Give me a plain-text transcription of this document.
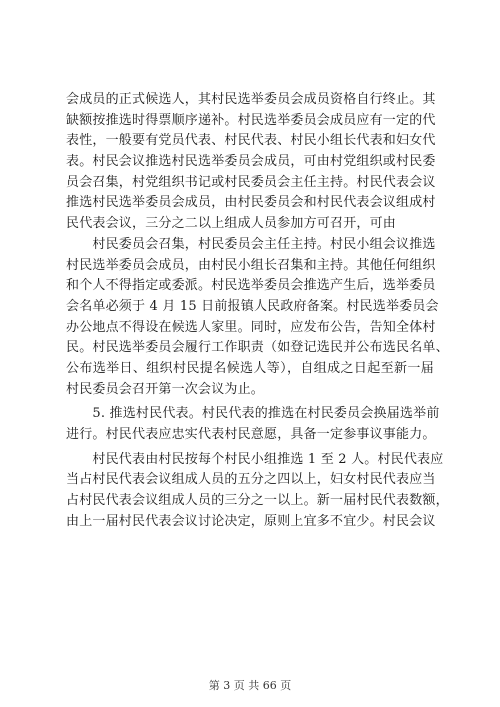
会成员的正式候选人，其村民选举委员会成员资格自行终止。其
缺额按推选时得票顺序递补。村民选举委员会成员应有一定的代
表性，一般要有党员代表、村民代表、村民小组长代表和妇女代
表。村民会议推选村民选举委员会成员，可由村党组织或村民委
员会召集，村党组织书记或村民委员会主任主持。村民代表会议
推选村民选举委员会成员，由村民委员会和村民代表会议组成村
民代表会议，三分之二以上组成人员参加方可召开，可由
　　村民委员会召集，村民委员会主任主持。村民小组会议推选
村民选举委员会成员，由村民小组长召集和主持。其他任何组织
和个人不得指定或委派。村民选举委员会推选产生后，选举委员
会名单必须于 4 月 15 日前报镇人民政府备案。村民选举委员会
办公地点不得设在候选人家里。同时，应发布公告，告知全体村
民。村民选举委员会履行工作职责（如登记选民并公布选民名单、
公布选举日、组织村民提名候选人等），自组成之日起至新一届
村民委员会召开第一次会议为止。
　　5. 推选村民代表。村民代表的推选在村民委员会换届选举前
进行。村民代表应忠实代表村民意愿，具备一定参事议事能力。
　　村民代表由村民按每个村民小组推选 1 至 2 人。村民代表应
当占村民代表会议组成人员的五分之四以上，妇女村民代表应当
占村民代表会议组成人员的三分之一以上。新一届村民代表数额，
由上一届村民代表会议讨论决定，原则上宜多不宜少。村民会议
第 3 页 共 66 页
